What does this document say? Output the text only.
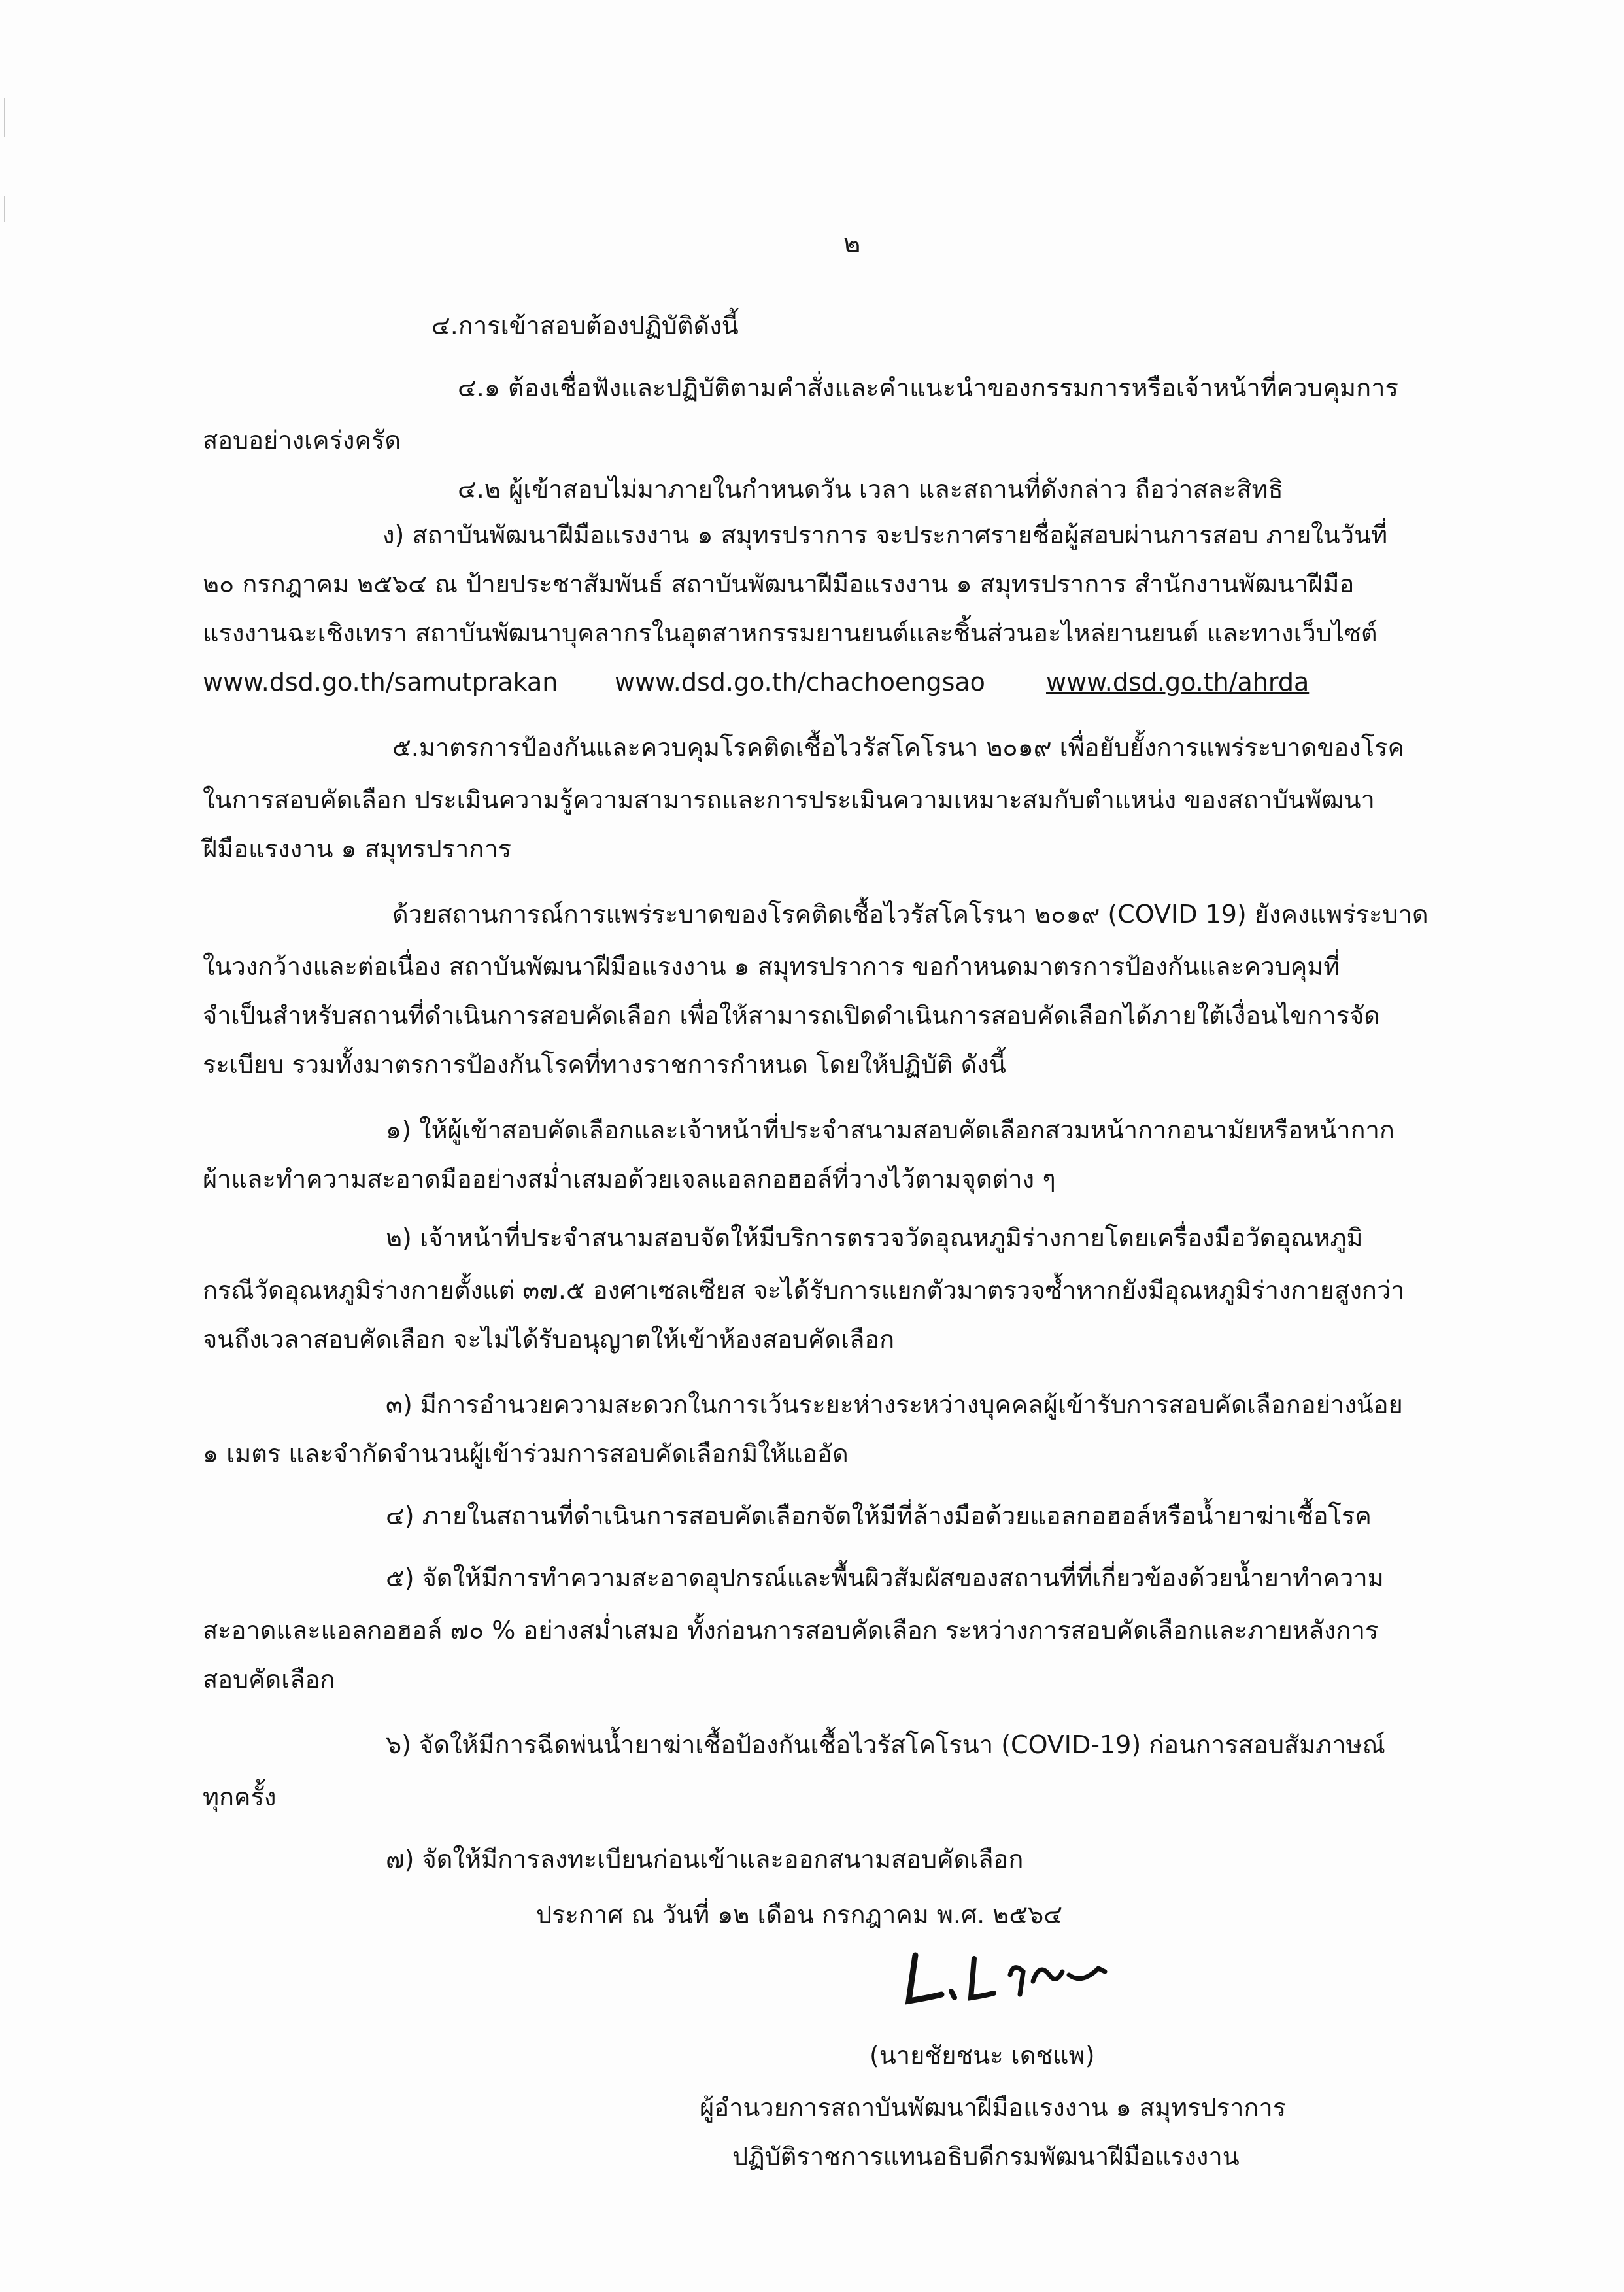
๒
๔.การเข้าสอบต้องปฏิบัติดังนี้
๔.๑ ต้องเชื่อฟังและปฏิบัติตามคำสั่งและคำแนะนำของกรรมการหรือเจ้าหน้าที่ควบคุมการ
สอบอย่างเคร่งครัด
๔.๒ ผู้เข้าสอบไม่มาภายในกำหนดวัน เวลา และสถานที่ดังกล่าว ถือว่าสละสิทธิ
ง) สถาบันพัฒนาฝีมือแรงงาน ๑ สมุทรปราการ จะประกาศรายชื่อผู้สอบผ่านการสอบ ภายในวันที่
๒๐ กรกฎาคม ๒๕๖๔ ณ ป้ายประชาสัมพันธ์ สถาบันพัฒนาฝีมือแรงงาน ๑ สมุทรปราการ สำนักงานพัฒนาฝีมือ
แรงงานฉะเชิงเทรา สถาบันพัฒนาบุคลากรในอุตสาหกรรมยานยนต์และชิ้นส่วนอะไหล่ยานยนต์ และทางเว็บไซต์
www.dsd.go.th/samutprakan www.dsd.go.th/chachoengsao www.dsd.go.th/ahrda
๕.มาตรการป้องกันและควบคุมโรคติดเชื้อไวรัสโคโรนา ๒๐๑๙ เพื่อยับยั้งการแพร่ระบาดของโรค
ในการสอบคัดเลือก ประเมินความรู้ความสามารถและการประเมินความเหมาะสมกับตำแหน่ง ของสถาบันพัฒนา
ฝีมือแรงงาน ๑ สมุทรปราการ
ด้วยสถานการณ์การแพร่ระบาดของโรคติดเชื้อไวรัสโคโรนา ๒๐๑๙ (COVID 19) ยังคงแพร่ระบาด
ในวงกว้างและต่อเนื่อง สถาบันพัฒนาฝีมือแรงงาน ๑ สมุทรปราการ ขอกำหนดมาตรการป้องกันและควบคุมที่
จำเป็นสำหรับสถานที่ดำเนินการสอบคัดเลือก เพื่อให้สามารถเปิดดำเนินการสอบคัดเลือกได้ภายใต้เงื่อนไขการจัด
ระเบียบ รวมทั้งมาตรการป้องกันโรคที่ทางราชการกำหนด โดยให้ปฏิบัติ ดังนี้
๑) ให้ผู้เข้าสอบคัดเลือกและเจ้าหน้าที่ประจำสนามสอบคัดเลือกสวมหน้ากากอนามัยหรือหน้ากาก
ผ้าและทำความสะอาดมืออย่างสม่ำเสมอด้วยเจลแอลกอฮอล์ที่วางไว้ตามจุดต่าง ๆ
๒) เจ้าหน้าที่ประจำสนามสอบจัดให้มีบริการตรวจวัดอุณหภูมิร่างกายโดยเครื่องมือวัดอุณหภูมิ
กรณีวัดอุณหภูมิร่างกายตั้งแต่ ๓๗.๕ องศาเซลเซียส จะได้รับการแยกตัวมาตรวจซ้ำหากยังมีอุณหภูมิร่างกายสูงกว่า
จนถึงเวลาสอบคัดเลือก จะไม่ได้รับอนุญาตให้เข้าห้องสอบคัดเลือก
๓) มีการอำนวยความสะดวกในการเว้นระยะห่างระหว่างบุคคลผู้เข้ารับการสอบคัดเลือกอย่างน้อย
๑ เมตร และจำกัดจำนวนผู้เข้าร่วมการสอบคัดเลือกมิให้แออัด
๔) ภายในสถานที่ดำเนินการสอบคัดเลือกจัดให้มีที่ล้างมือด้วยแอลกอฮอล์หรือน้ำยาฆ่าเชื้อโรค
๕) จัดให้มีการทำความสะอาดอุปกรณ์และพื้นผิวสัมผัสของสถานที่ที่เกี่ยวข้องด้วยน้ำยาทำความ
สะอาดและแอลกอฮอล์ ๗๐ % อย่างสม่ำเสมอ ทั้งก่อนการสอบคัดเลือก ระหว่างการสอบคัดเลือกและภายหลังการ
สอบคัดเลือก
๖) จัดให้มีการฉีดพ่นน้ำยาฆ่าเชื้อป้องกันเชื้อไวรัสโคโรนา (COVID-19) ก่อนการสอบสัมภาษณ์
ทุกครั้ง
๗) จัดให้มีการลงทะเบียนก่อนเข้าและออกสนามสอบคัดเลือก
ประกาศ ณ วันที่ ๑๒ เดือน กรกฎาคม พ.ศ. ๒๕๖๔
(นายชัยชนะ เดชแพ)
ผู้อำนวยการสถาบันพัฒนาฝีมือแรงงาน ๑ สมุทรปราการ
ปฏิบัติราชการแทนอธิบดีกรมพัฒนาฝีมือแรงงาน
